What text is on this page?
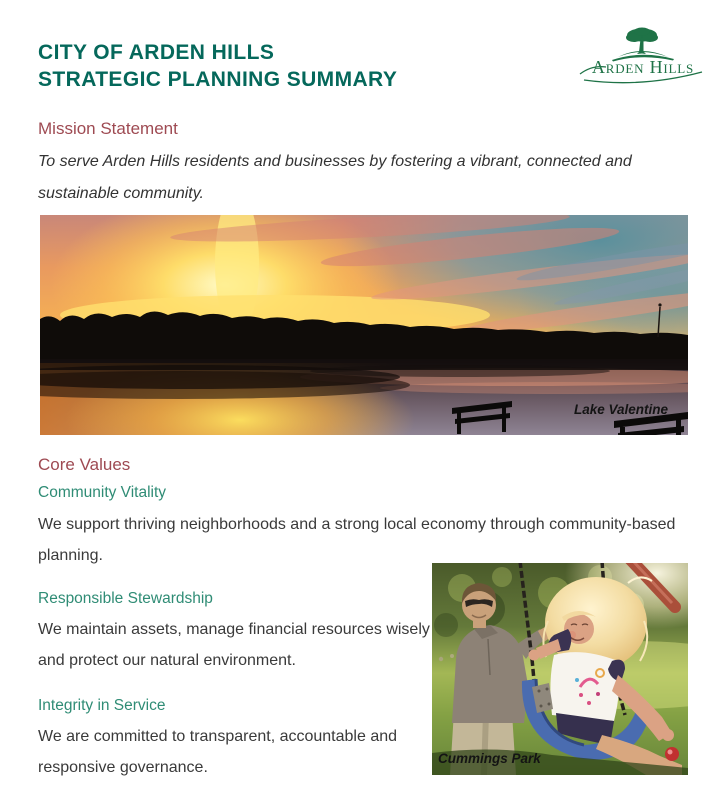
CITY OF ARDEN HILLS
STRATEGIC PLANNING SUMMARY
Arden Hills
Mission Statement
To serve Arden Hills residents and businesses by fostering a vibrant, connected and sustainable community.
Lake Valentine
Core Values
Community Vitality
We support thriving neighborhoods and a strong local economy through community-based planning.
Responsible Stewardship
We maintain assets, manage financial resources wisely and protect our natural environment.
Integrity in Service
We are committed to transparent, accountable and responsive governance.
Cummings Park
